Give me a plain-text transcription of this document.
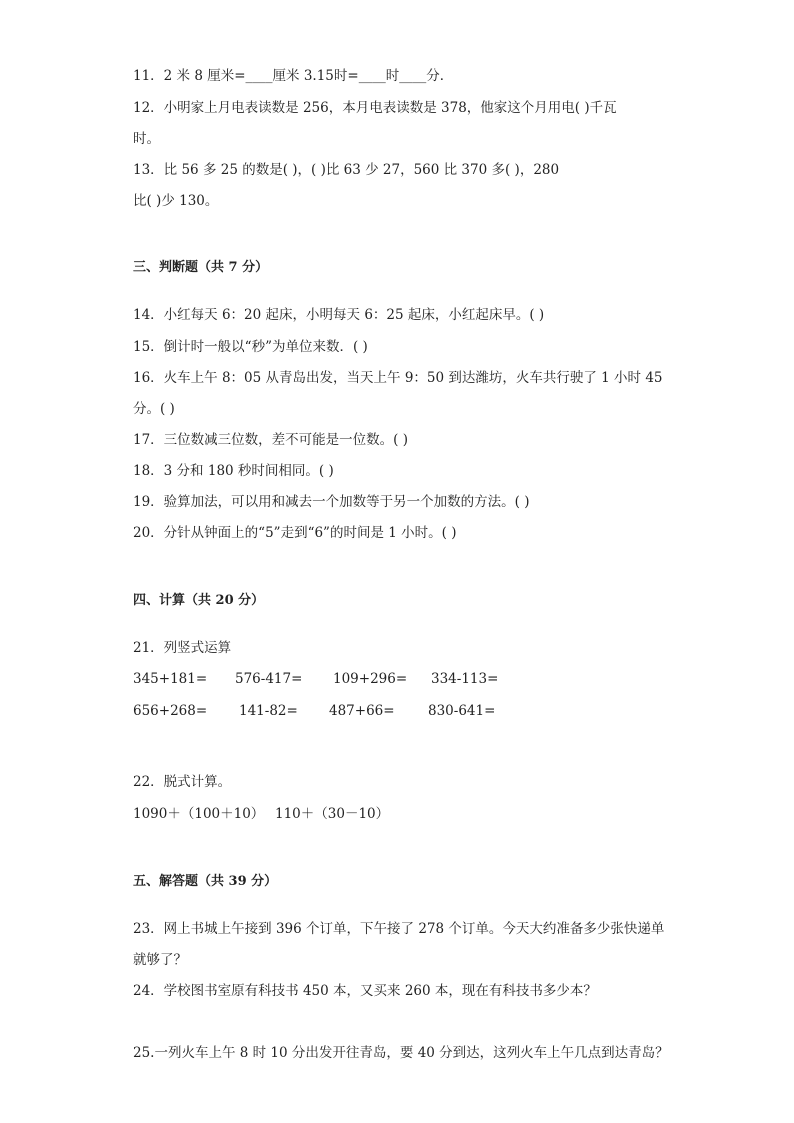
11．2 米 8 厘米=____厘米 3.15时=____时____分．
12．小明家上月电表读数是 256，本月电表读数是 378，他家这个月用电( )千瓦
时。
13．比 56 多 25 的数是( )，( )比 63 少 27，560 比 370 多( )，280
比( )少 130。
三、判断题（共 7 分）
14．小红每天 6：20 起床，小明每天 6：25 起床，小红起床早。( )
15．倒计时一般以“秒”为单位来数．( )
16．火车上午 8：05 从青岛出发，当天上午 9：50 到达潍坊，火车共行驶了 1 小时 45
分。( )
17．三位数减三位数，差不可能是一位数。( )
18．3 分和 180 秒时间相同。( )
19．验算加法，可以用和减去一个加数等于另一个加数的方法。( )
20．分针从钟面上的“5”走到“6”的时间是 1 小时。( )
四、计算（共 20 分）
21．列竖式运算
345+181= 576-417= 109+296= 334-113=
656+268= 141-82= 487+66= 830-641=
22．脱式计算。
1090＋（100＋10） 110＋（30－10）
五、解答题（共 39 分）
23．网上书城上午接到 396 个订单，下午接了 278 个订单。今天大约准备多少张快递单
就够了？
24．学校图书室原有科技书 450 本，又买来 260 本，现在有科技书多少本？
25.一列火车上午 8 时 10 分出发开往青岛，要 40 分到达，这列火车上午几点到达青岛？
